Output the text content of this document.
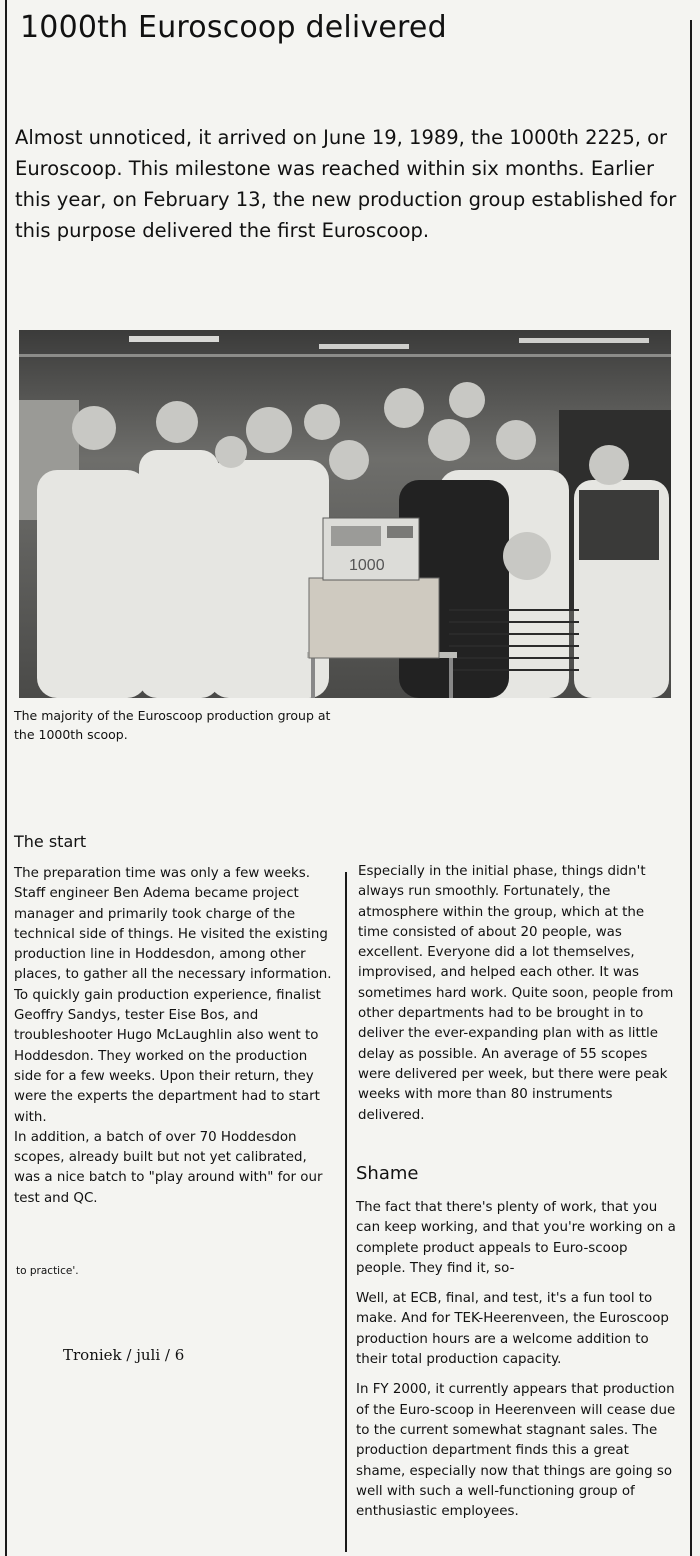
1000th Euroscoop delivered

Almost unnoticed, it arrived on June 19, 1989, the 1000th 2225, or Euroscoop. This milestone was reached within six months. Earlier this year, on February 13, the new production group established for this purpose delivered the first Euroscoop.

1000

The majority of the Euroscoop production group at the 1000th scoop.

The start

The preparation time was only a few weeks. Staff engineer Ben Adema became project manager and primarily took charge of the technical side of things. He visited the existing production line in Hoddesdon, among other places, to gather all the necessary information.

To quickly gain production experience, finalist Geoffry Sandys, tester Eise Bos, and troubleshooter Hugo McLaughlin also went to Hoddesdon. They worked on the production side for a few weeks. Upon their return, they were the experts the department had to start with.

In addition, a batch of over 70 Hoddesdon scopes, already built but not yet calibrated, was a nice batch to "play around with" for our test and QC.

to practice'.
Troniek / juli / 6

Especially in the initial phase, things didn't always run smoothly. Fortunately, the atmosphere within the group, which at the time consisted of about 20 people, was excellent. Everyone did a lot themselves, improvised, and helped each other. It was sometimes hard work. Quite soon, people from other departments had to be brought in to deliver the ever-expanding plan with as little delay as possible. An average of 55 scopes were delivered per week, but there were peak weeks with more than 80 instruments delivered.

Shame

The fact that there's plenty of work, that you can keep working, and that you're working on a complete product appeals to Euro-scoop people. They find it, so-

Well, at ECB, final, and test, it's a fun tool to make. And for TEK-Heerenveen, the Euroscoop production hours are a welcome addition to their total production capacity.

In FY 2000, it currently appears that production of the Euro-scoop in Heerenveen will cease due to the current somewhat stagnant sales. The production department finds this a great shame, especially now that things are going so well with such a well-functioning group of enthusiastic employees.
